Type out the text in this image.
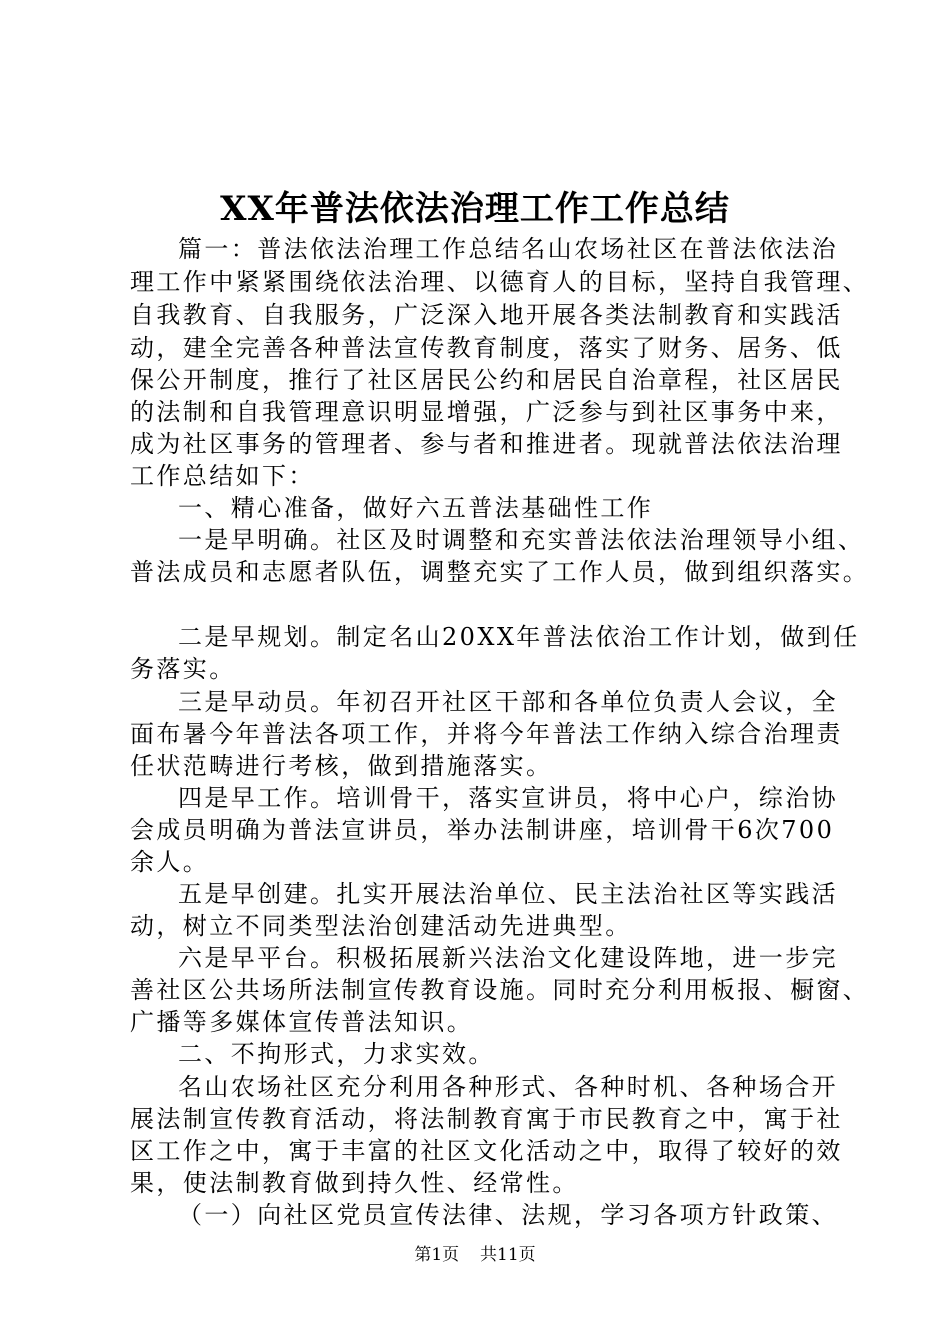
XX年普法依法治理工作工作总结
篇一：普法依法治理工作总结名山农场社区在普法依法治
理工作中紧紧围绕依法治理、以德育人的目标，坚持自我管理、
自我教育、自我服务，广泛深入地开展各类法制教育和实践活
动，建全完善各种普法宣传教育制度，落实了财务、居务、低
保公开制度，推行了社区居民公约和居民自治章程，社区居民
的法制和自我管理意识明显增强，广泛参与到社区事务中来，
成为社区事务的管理者、参与者和推进者。现就普法依法治理
工作总结如下：
一、精心准备，做好六五普法基础性工作
一是早明确。社区及时调整和充实普法依法治理领导小组、
普法成员和志愿者队伍，调整充实了工作人员，做到组织落实。
二是早规划。制定名山20XX年普法依治工作计划，做到任
务落实。
三是早动员。年初召开社区干部和各单位负责人会议，全
面布暑今年普法各项工作，并将今年普法工作纳入综合治理责
任状范畴进行考核，做到措施落实。
四是早工作。培训骨干，落实宣讲员，将中心户，综治协
会成员明确为普法宣讲员，举办法制讲座，培训骨干6次700
余人。
五是早创建。扎实开展法治单位、民主法治社区等实践活
动，树立不同类型法治创建活动先进典型。
六是早平台。积极拓展新兴法治文化建设阵地，进一步完
善社区公共场所法制宣传教育设施。同时充分利用板报、橱窗、
广播等多媒体宣传普法知识。
二、不拘形式，力求实效。
名山农场社区充分利用各种形式、各种时机、各种场合开
展法制宣传教育活动，将法制教育寓于市民教育之中，寓于社
区工作之中，寓于丰富的社区文化活动之中，取得了较好的效
果，使法制教育做到持久性、经常性。
（一）向社区党员宣传法律、法规，学习各项方针政策、
第1页 共11页
